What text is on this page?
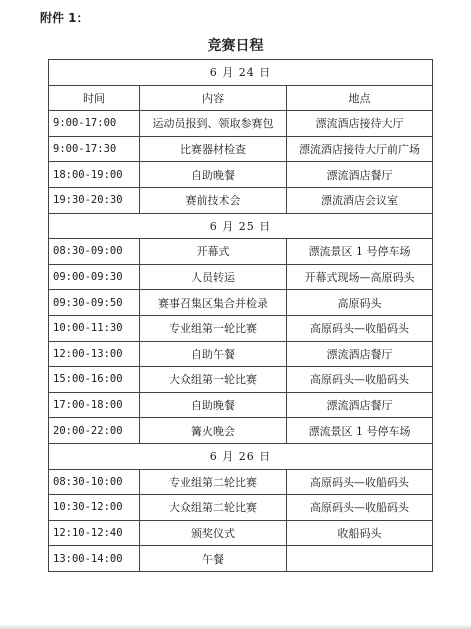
附件 1：
竞赛日程
6 月 24 日		
时间	内容	地点
9:00-17:00	运动员报到、领取参赛包	漂流酒店接待大厅
9:00-17:30	比赛器材检查	漂流酒店接待大厅前广场
18:00-19:00	自助晚餐	漂流酒店餐厅
19:30-20:30	赛前技术会	漂流酒店会议室
6 月 25 日		
08:30-09:00	开幕式	漂流景区 1 号停车场
09:00-09:30	人员转运	开幕式现场—高原码头
09:30-09:50	赛事召集区集合并检录	高原码头
10:00-11:30	专业组第一轮比赛	高原码头—收船码头
12:00-13:00	自助午餐	漂流酒店餐厅
15:00-16:00	大众组第一轮比赛	高原码头—收船码头
17:00-18:00	自助晚餐	漂流酒店餐厅
20:00-22:00	篝火晚会	漂流景区 1 号停车场
6 月 26 日		
08:30-10:00	专业组第二轮比赛	高原码头—收船码头
10:30-12:00	大众组第二轮比赛	高原码头—收船码头
12:10-12:40	颁奖仪式	收船码头
13:00-14:00	午餐	
